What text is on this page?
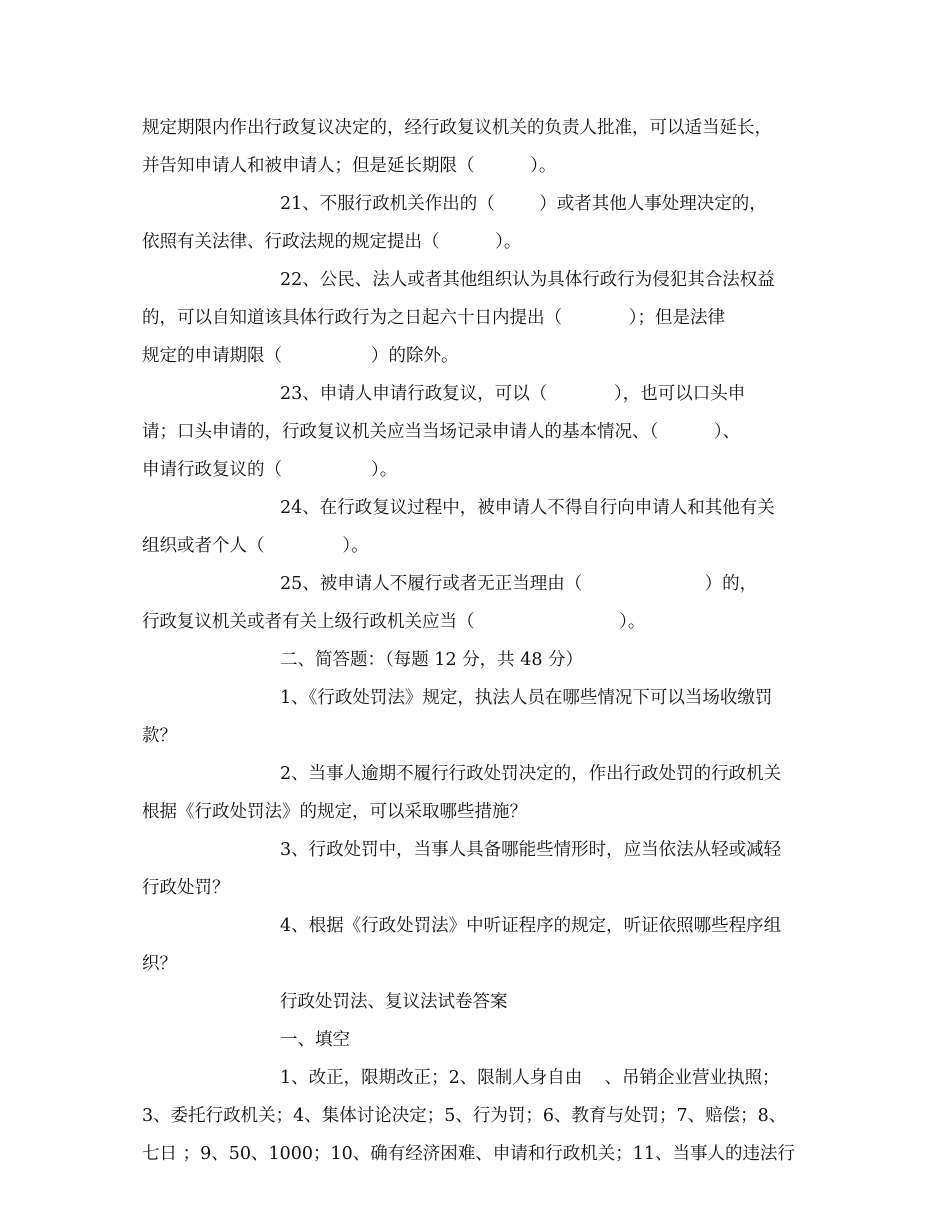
规定期限内作出行政复议决定的，经行政复议机关的负责人批准，可以适当延长，
并告知申请人和被申请人；但是延长期限（          ）。
21、不服行政机关作出的（        ）或者其他人事处理决定的，
依照有关法律、行政法规的规定提出（          ）。
22、公民、法人或者其他组织认为具体行政行为侵犯其合法权益
的，可以自知道该具体行政行为之日起六十日内提出（            ）；但是法律
规定的申请期限（                ）的除外。
23、申请人申请行政复议，可以（            ），也可以口头申
请；口头申请的，行政复议机关应当当场记录申请人的基本情况、（          ）、
申请行政复议的（                ）。
24、在行政复议过程中，被申请人不得自行向申请人和其他有关
组织或者个人（              ）。
25、被申请人不履行或者无正当理由（                      ）的，
行政复议机关或者有关上级行政机关应当（                          ）。
二、简答题：（每题 12 分，共 48 分）
1、《行政处罚法》规定，执法人员在哪些情况下可以当场收缴罚
款？
2、当事人逾期不履行行政处罚决定的，作出行政处罚的行政机关
根据《行政处罚法》的规定，可以采取哪些措施？
3、行政处罚中，当事人具备哪能些情形时，应当依法从轻或减轻
行政处罚？
4、根据《行政处罚法》中听证程序的规定，听证依照哪些程序组
织？
行政处罚法、复议法试卷答案
一、填空
1、改正，限期改正；2、限制人身自由    、吊销企业营业执照；
3、委托行政机关；4、集体讨论决定；5、行为罚；6、教育与处罚；7、赔偿；8、
七日 ；9、50、1000；10、确有经济困难、申请和行政机关；11、当事人的违法行
